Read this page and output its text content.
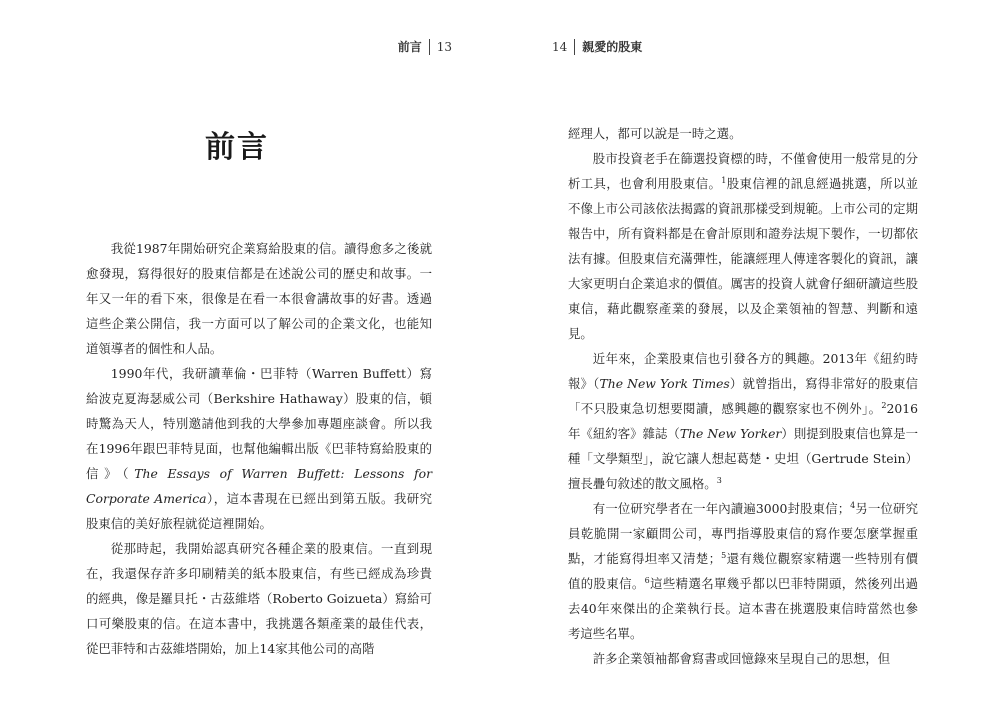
前言 13
前言

我從1987年開始研究企業寫給股東的信。讀得愈多之後就愈發現，寫得很好的股東信都是在述說公司的歷史和故事。一年又一年的看下來，很像是在看一本很會講故事的好書。透過這些企業公開信，我一方面可以了解公司的企業文化，也能知道領導者的個性和人品。

1990年代，我研讀華倫・巴菲特（Warren Buffett）寫給波克夏海瑟威公司（Berkshire Hathaway）股東的信，頓時驚為天人，特別邀請他到我的大學參加專題座談會。所以我在1996年跟巴菲特見面，也幫他編輯出版《巴菲特寫給股東的信》（The Essays of Warren Buffett: Lessons for Corporate America），這本書現在已經出到第五版。我研究股東信的美好旅程就從這裡開始。

從那時起，我開始認真研究各種企業的股東信。一直到現在，我還保存許多印刷精美的紙本股東信，有些已經成為珍貴的經典，像是羅貝托・古茲維塔（Roberto Goizueta）寫給可口可樂股東的信。在這本書中，我挑選各類產業的最佳代表，從巴菲特和古茲維塔開始，加上14家其他公司的高階

14 親愛的股東

經理人，都可以說是一時之選。

股市投資老手在篩選投資標的時，不僅會使用一般常見的分析工具，也會利用股東信。$^1$股東信裡的訊息經過挑選，所以並不像上市公司該依法揭露的資訊那樣受到規範。上市公司的定期報告中，所有資料都是在會計原則和證券法規下製作，一切都依法有據。但股東信充滿彈性，能讓經理人傳達客製化的資訊，讓大家更明白企業追求的價值。厲害的投資人就會仔細研讀這些股東信，藉此觀察產業的發展，以及企業領袖的智慧、判斷和遠見。

近年來，企業股東信也引發各方的興趣。2013年《紐約時報》（The New York Times）就曾指出，寫得非常好的股東信「不只股東急切想要閱讀，感興趣的觀察家也不例外」。$^2$2016年《紐約客》雜誌（The New Yorker）則提到股東信也算是一種「文學類型」，說它讓人想起葛楚・史坦（Gertrude Stein）擅長疊句敘述的散文風格。$^3$

有一位研究學者在一年內讀遍3000封股東信；$^4$另一位研究員乾脆開一家顧問公司，專門指導股東信的寫作要怎麼掌握重點，才能寫得坦率又清楚；$^5$還有幾位觀察家精選一些特別有價值的股東信。$^6$這些精選名單幾乎都以巴菲特開頭，然後列出過去40年來傑出的企業執行長。這本書在挑選股東信時當然也參考這些名單。

許多企業領袖都會寫書或回憶錄來呈現自己的思想，但
